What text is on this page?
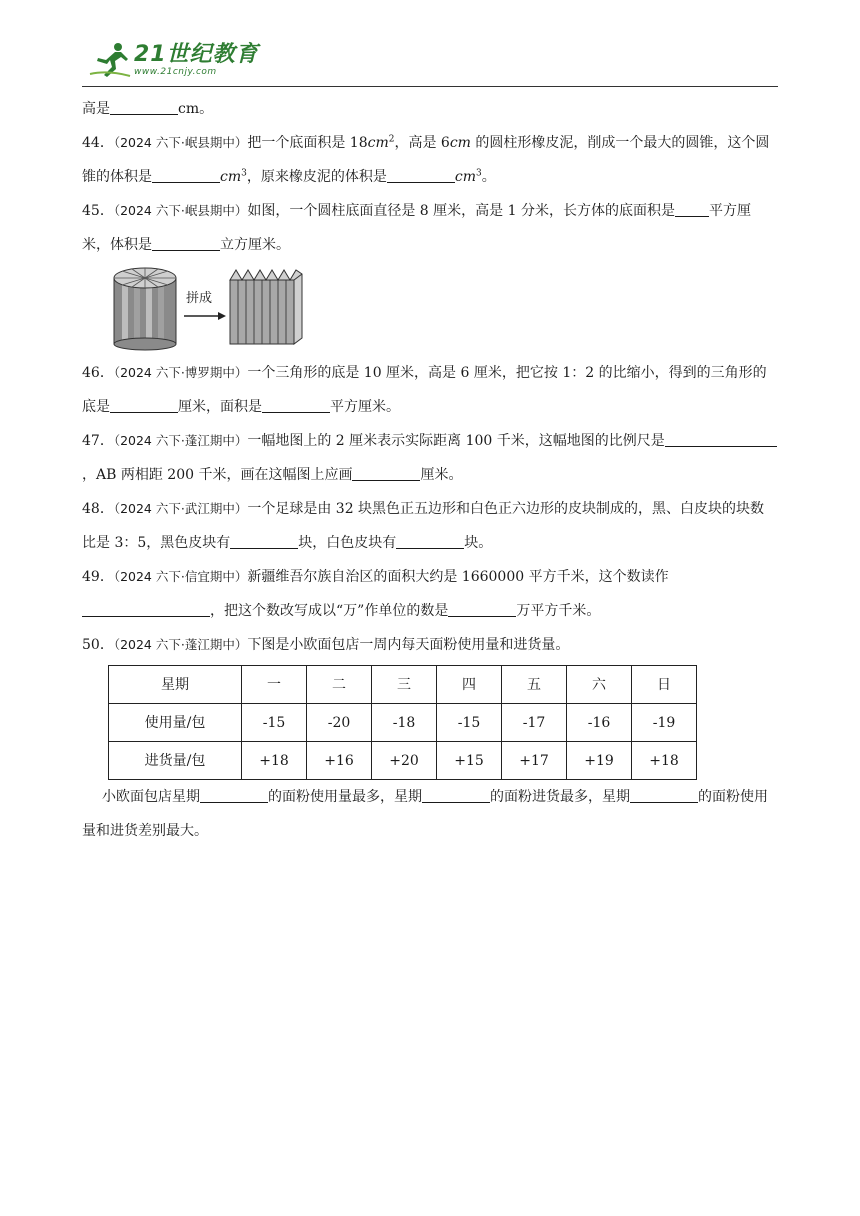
21世纪教育
www.21cnjy.com

高是	cm。

44．（2024 六下·岷县期中）把一个底面积是 $18cm^2$，高是 6cm 的圆柱形橡皮泥，削成一个最大的圆锥，这个圆锥的体积是	$cm^3$，原来橡皮泥的体积是	$cm^3$。

45．（2024 六下·岷县期中）如图，一个圆柱底面直径是 8 厘米，高是 1 分米，长方体的底面积是 平方厘米，体积是	立方厘米。

拼成

46．（2024 六下·博罗期中）一个三角形的底是 10 厘米，高是 6 厘米，把它按 1：2 的比缩小，得到的三角形的底是	厘米，面积是	平方厘米。

47．（2024 六下·蓬江期中）一幅地图上的 2 厘米表示实际距离 100 千米，这幅地图的比例尺是，AB 两相距 200 千米，画在这幅图上应画	厘米。

48．（2024 六下·武江期中）一个足球是由 32 块黑色正五边形和白色正六边形的皮块制成的，黑、白皮块的块数比是 3：5，黑色皮块有	块，白色皮块有	块。

49．（2024 六下·信宜期中）新疆维吾尔族自治区的面积大约是 1660000 平方千米，这个数读作，把这个数改写成以“万”作单位的数是	万平方千米。

50．（2024 六下·蓬江期中）下图是小欧面包店一周内每天面粉使用量和进货量。

星期	一	二	三	四	五	六	日
使用量/包	-15	-20	-18	-15	-17	-16	-19
进货量/包	+18	+16	+20	+15	+17	+19	+18

小欧面包店星期	的面粉使用量最多，星期	的面粉进货最多，星期	的面粉使用量和进货差别最大。
